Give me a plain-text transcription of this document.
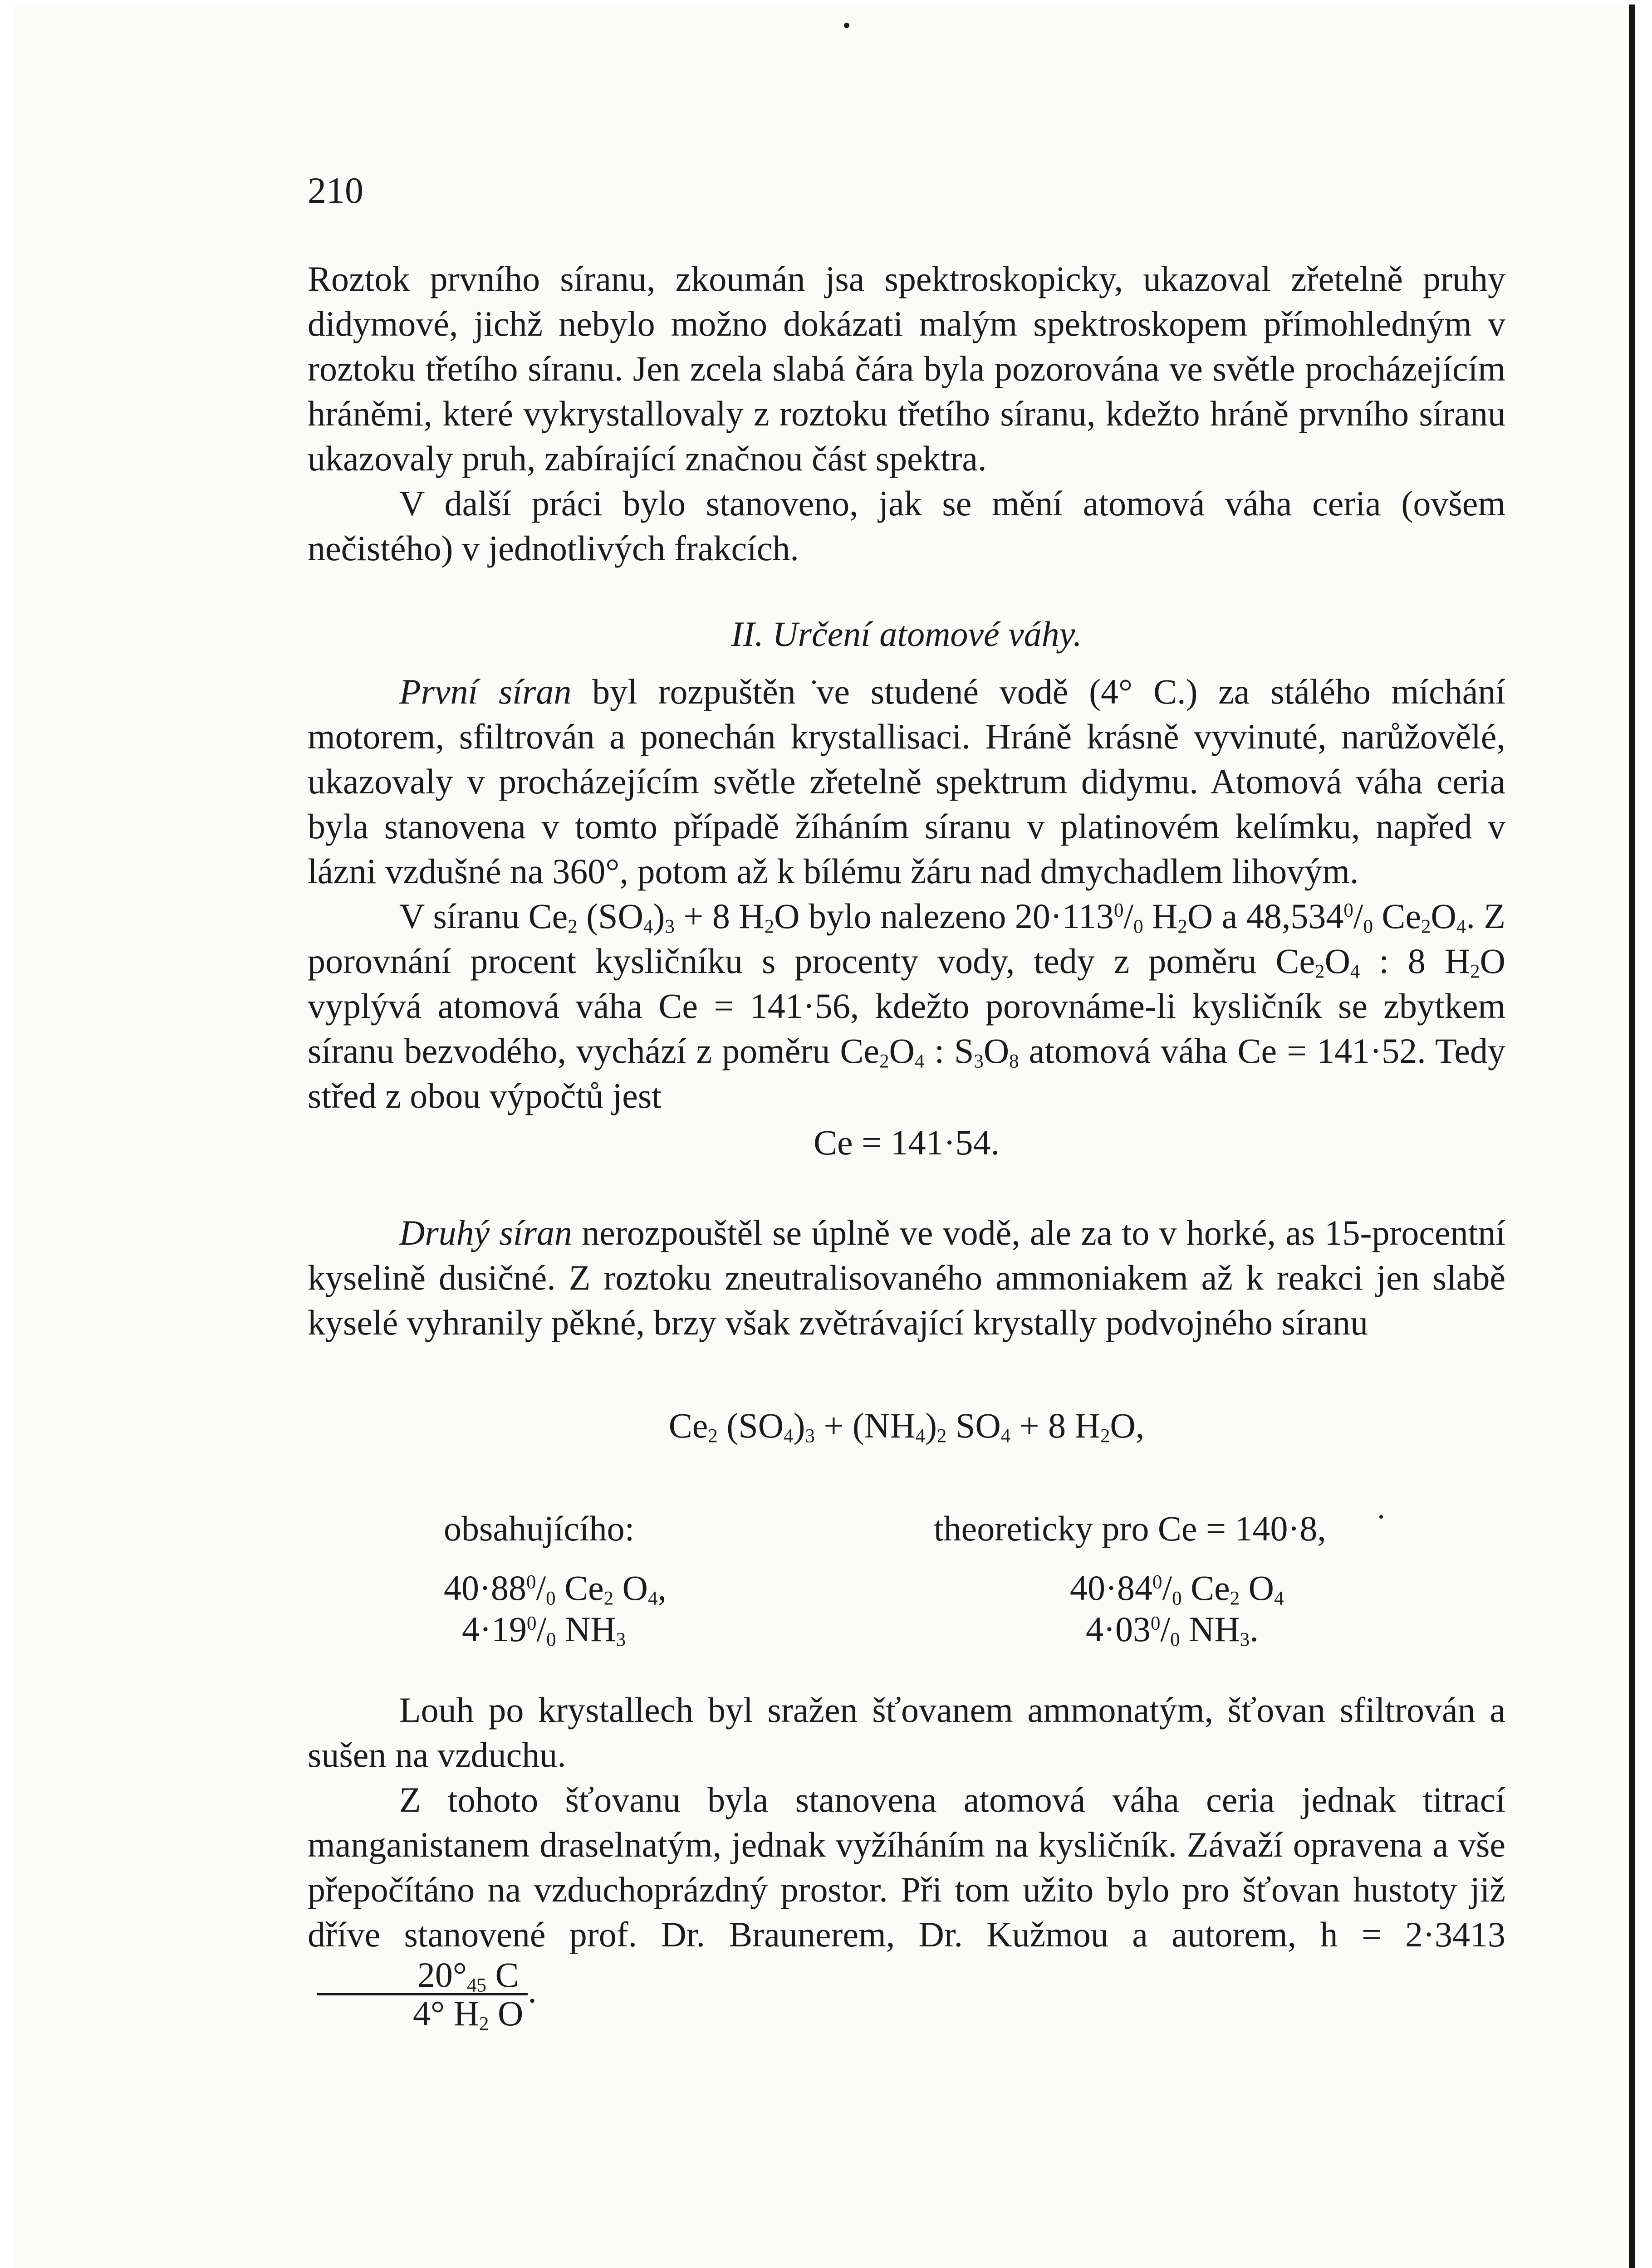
210

Roztok prvního síranu, zkoumán jsa spektroskopicky, ukazoval zřetelně pruhy didymové, jichž nebylo možno dokázati malým spektroskopem přímohledným v roztoku třetího síranu. Jen zcela slabá čára byla pozorována ve světle procházejícím hráněmi, které vykrystallovaly z roztoku třetího síranu, kdežto hráně prvního síranu ukazovaly pruh, zabírající značnou část spektra.

V další práci bylo stanoveno, jak se mění atomová váha ceria (ovšem nečistého) v jednotlivých frakcích.

II. Určení atomové váhy.

První síran byl rozpuštěn ve studené vodě (4° C.) za stálého míchání motorem, sfiltrován a ponechán krystallisaci. Hráně krásně vyvinuté, narůžovělé, ukazovaly v procházejícím světle zřetelně spektrum didymu. Atomová váha ceria byla stanovena v tomto případě žíháním síranu v platinovém kelímku, napřed v lázni vzdušné na 360°, potom až k bílému žáru nad dmychadlem lihovým.

V síranu $Ce_2$ $(SO_4)_3 + 8$ $H_2O$ bylo nalezeno $20\cdot 113^0/_0$ $H_2O$ a $48,534^0/_0$ $Ce_2O_4$. Z porovnání procent kysličníku s procenty vody, tedy z poměru $Ce_2O_4$ : 8 $H_2O$ vyplývá atomová váha Ce = 141·56, kdežto porovnáme-li kysličník se zbytkem síranu bezvodého, vychází z poměru $Ce_2O_4$ : $S_3O_8$ atomová váha Ce = 141·52. Tedy střed z obou výpočtů jest

Ce = 141·54.

Druhý síran nerozpouštěl se úplně ve vodě, ale za to v horké, as 15-procentní kyselině dusičné. Z roztoku zneutralisovaného ammoniakem až k reakci jen slabě kyselé vyhranily pěkné, brzy však zvětrávající krystally podvojného síranu

$Ce_2$ $(SO_4)_3 + (NH_4)_2$ $SO_4 + 8$ $H_2O$,

obsahujícího:	theoreticky pro Ce = 140·8,
$40\cdot 88^0/_0$ $Ce_2$ $O_4$,
$4\cdot 19^0/_0$ $NH_3$
$40\cdot 84^0/_0$ $Ce_2$ $O_4$
$4\cdot 03^0/_0$ $NH_3$.

Louh po krystallech byl sražen šťovanem ammonatým, šťovan sfiltrován a sušen na vzduchu.

Z tohoto šťovanu byla stanovena atomová váha ceria jednak titrací manganistanem draselnatým, jednak vyžíháním na kysličník. Závaží opravena a vše přepočítáno na vzduchoprázdný prostor. Při tom užito bylo pro šťovan hustoty již dříve stanovené prof. Dr. Braunerem, Dr. Kužmou a autorem, h = 2·3413
$\frac{20^\circ_{45} C}{4^\circ H_2 O}$ .
